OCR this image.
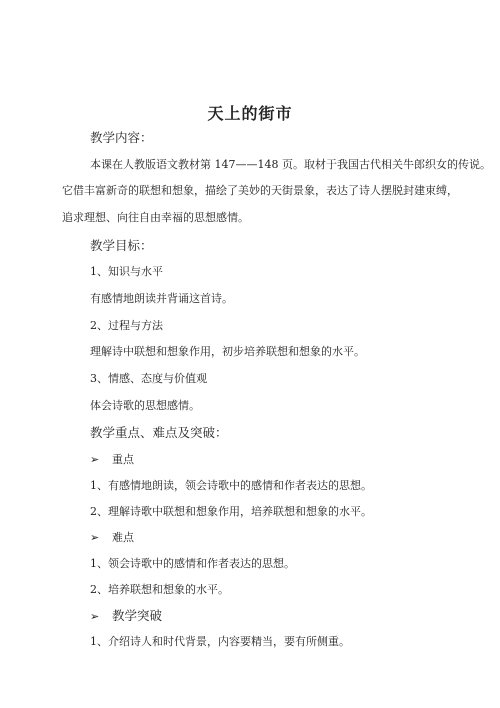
天上的街市
教学内容：
本课在人教版语文教材第 147——148 页。取材于我国古代相关牛郎织女的传说。
它借丰富新奇的联想和想象，描绘了美妙的天街景象，表达了诗人摆脱封建束缚，
追求理想、向往自由幸福的思想感情。
教学目标：
1、知识与水平
有感情地朗读并背诵这首诗。
2、过程与方法
理解诗中联想和想象作用，初步培养联想和想象的水平。
3、情感、态度与价值观
体会诗歌的思想感情。
教学重点、难点及突破：
➢ 重点
1、有感情地朗读，领会诗歌中的感情和作者表达的思想。
2、理解诗歌中联想和想象作用，培养联想和想象的水平。
➢ 难点
1、领会诗歌中的感情和作者表达的思想。
2、培养联想和想象的水平。
➢ 教学突破
1、介绍诗人和时代背景，内容要精当，要有所侧重。
